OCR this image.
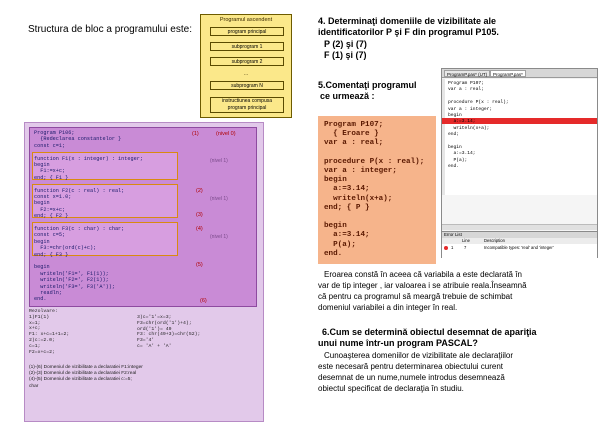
Structura de bloc a programului este:
Programul ascendent
program principal
subprogram 1
subprogram 2
...
subprogram N
instructiunea compusa
program principal
Program P106;
{Redeclarea constantelor }
const c=1;
function F1(x : integer) : integer;
begin
F1:=x+c;
end; { F1 }
function F2(c : real) : real;
const x=1.0;
begin
F2:=x+c;
end; { F2 }
function F3(c : char) : char;
const c=5;
begin
F3:=chr(ord(c)+c);
end; { F3 }
begin
writeln('F1=', F1(1));
writeln('F2=', F2(1));
writeln('F3=', F3('A'));
readln;
end.
(1)	(nivel 0)
(nivel 1)
(2)
(nivel 1)
(3)
(4)
(nivel 1)
(5)
(6)
Rezolvare:
1)F1(1)
x=1;
x+c;
F1: x+c=1+1=2;
2)c:=2.0;
c=1;
F2=x+c=2;
3)c='1'=x=3;
F3=chr(ord('1')+4);
ord('1')= 49
F3: chr(49+3)=chr(52);
F3='4'
c= 'A' + 'A'
(1)-(6) Domeniul de vizibilitate a declaratiei F1:integer
(2)-(3) Domeniul de vizibilitate a declaratiei F2:real
(4)-(5) Domeniul de vizibilitate a declaratiei c:=5;
char
4. Determinaţi domeniile de vizibilitate ale
identificatorilor P şi F din programul P105.
P (2) şi (7)
F (1) şi (7)
5.Comentaţi programul
ce urmează :
Program P107;
{ Eroare }
var a : real;
procedure P(x : real);
var a : integer;
begin
a:=3.14;
writeln(x+a);
end; { P }
begin
a:=3.14;
P(a);
end.
ProgramP.pas* (UT)	ProgramP.pas*
Program P107;
var a : real;
procedure P(x : real);
var a : integer;
begin
a:=3.14;
writeln(x+a);
end;
begin
a:=3.14;
P(a);
end.
Error List
Line	Description
1	7	Incompatible types: 'real' and 'integer'
Eroarea constă în aceea că variabila a este declarată în
var de tip integer , iar valoarea i se atribuie reala.Înseamnă
că pentru ca programul să meargă trebuie de schimbat
domeniul variabilei a din integer în real.
6.Cum se determină obiectul desemnat de apariţia
unui nume într-un program PASCAL?
Cunoaşterea domeniilor de vizibilitate ale declaraţiilor
este necesară pentru determinarea obiectului curent
desemnat de un nume,numele introdus desemnează
obiectul specificat de declaraţia în studiu.
